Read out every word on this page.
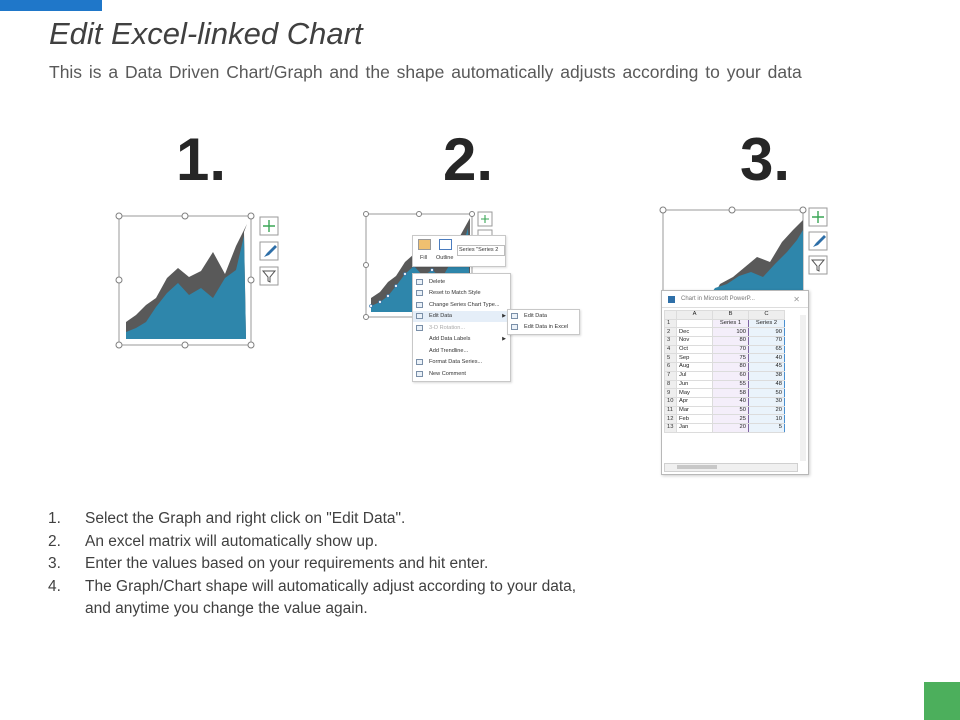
Edit Excel-linked Chart
This is a Data Driven Chart/Graph and the shape automatically adjusts according to your data
1.	2.	3.
Fill Outline
Series "Series 2
Delete
Reset to Match Style
Change Series Chart Type...
Edit Data	▶
3-D Rotation...
Add Data Labels	▶
Add Trendline...
Format Data Series...
New Comment
Edit Data
Edit Data in Excel
Chart in Microsoft PowerP...	✕
	A	B	C
1		Series 1	Series 2
2	Dec	100	90
3	Nov	80	70
4	Oct	70	65
5	Sep	75	40
6	Aug	80	45
7	Jul	60	38
8	Jun	55	48
9	May	58	50
10	Apr	40	30
11	Mar	50	20
12	Feb	25	10
13	Jan	20	5
1.	Select the Graph and right click on "Edit Data".
2.	An excel matrix will automatically show up.
3.	Enter the values based on your requirements and hit enter.
4.	The Graph/Chart shape will automatically adjust according to your data,
and anytime you change the value again.
